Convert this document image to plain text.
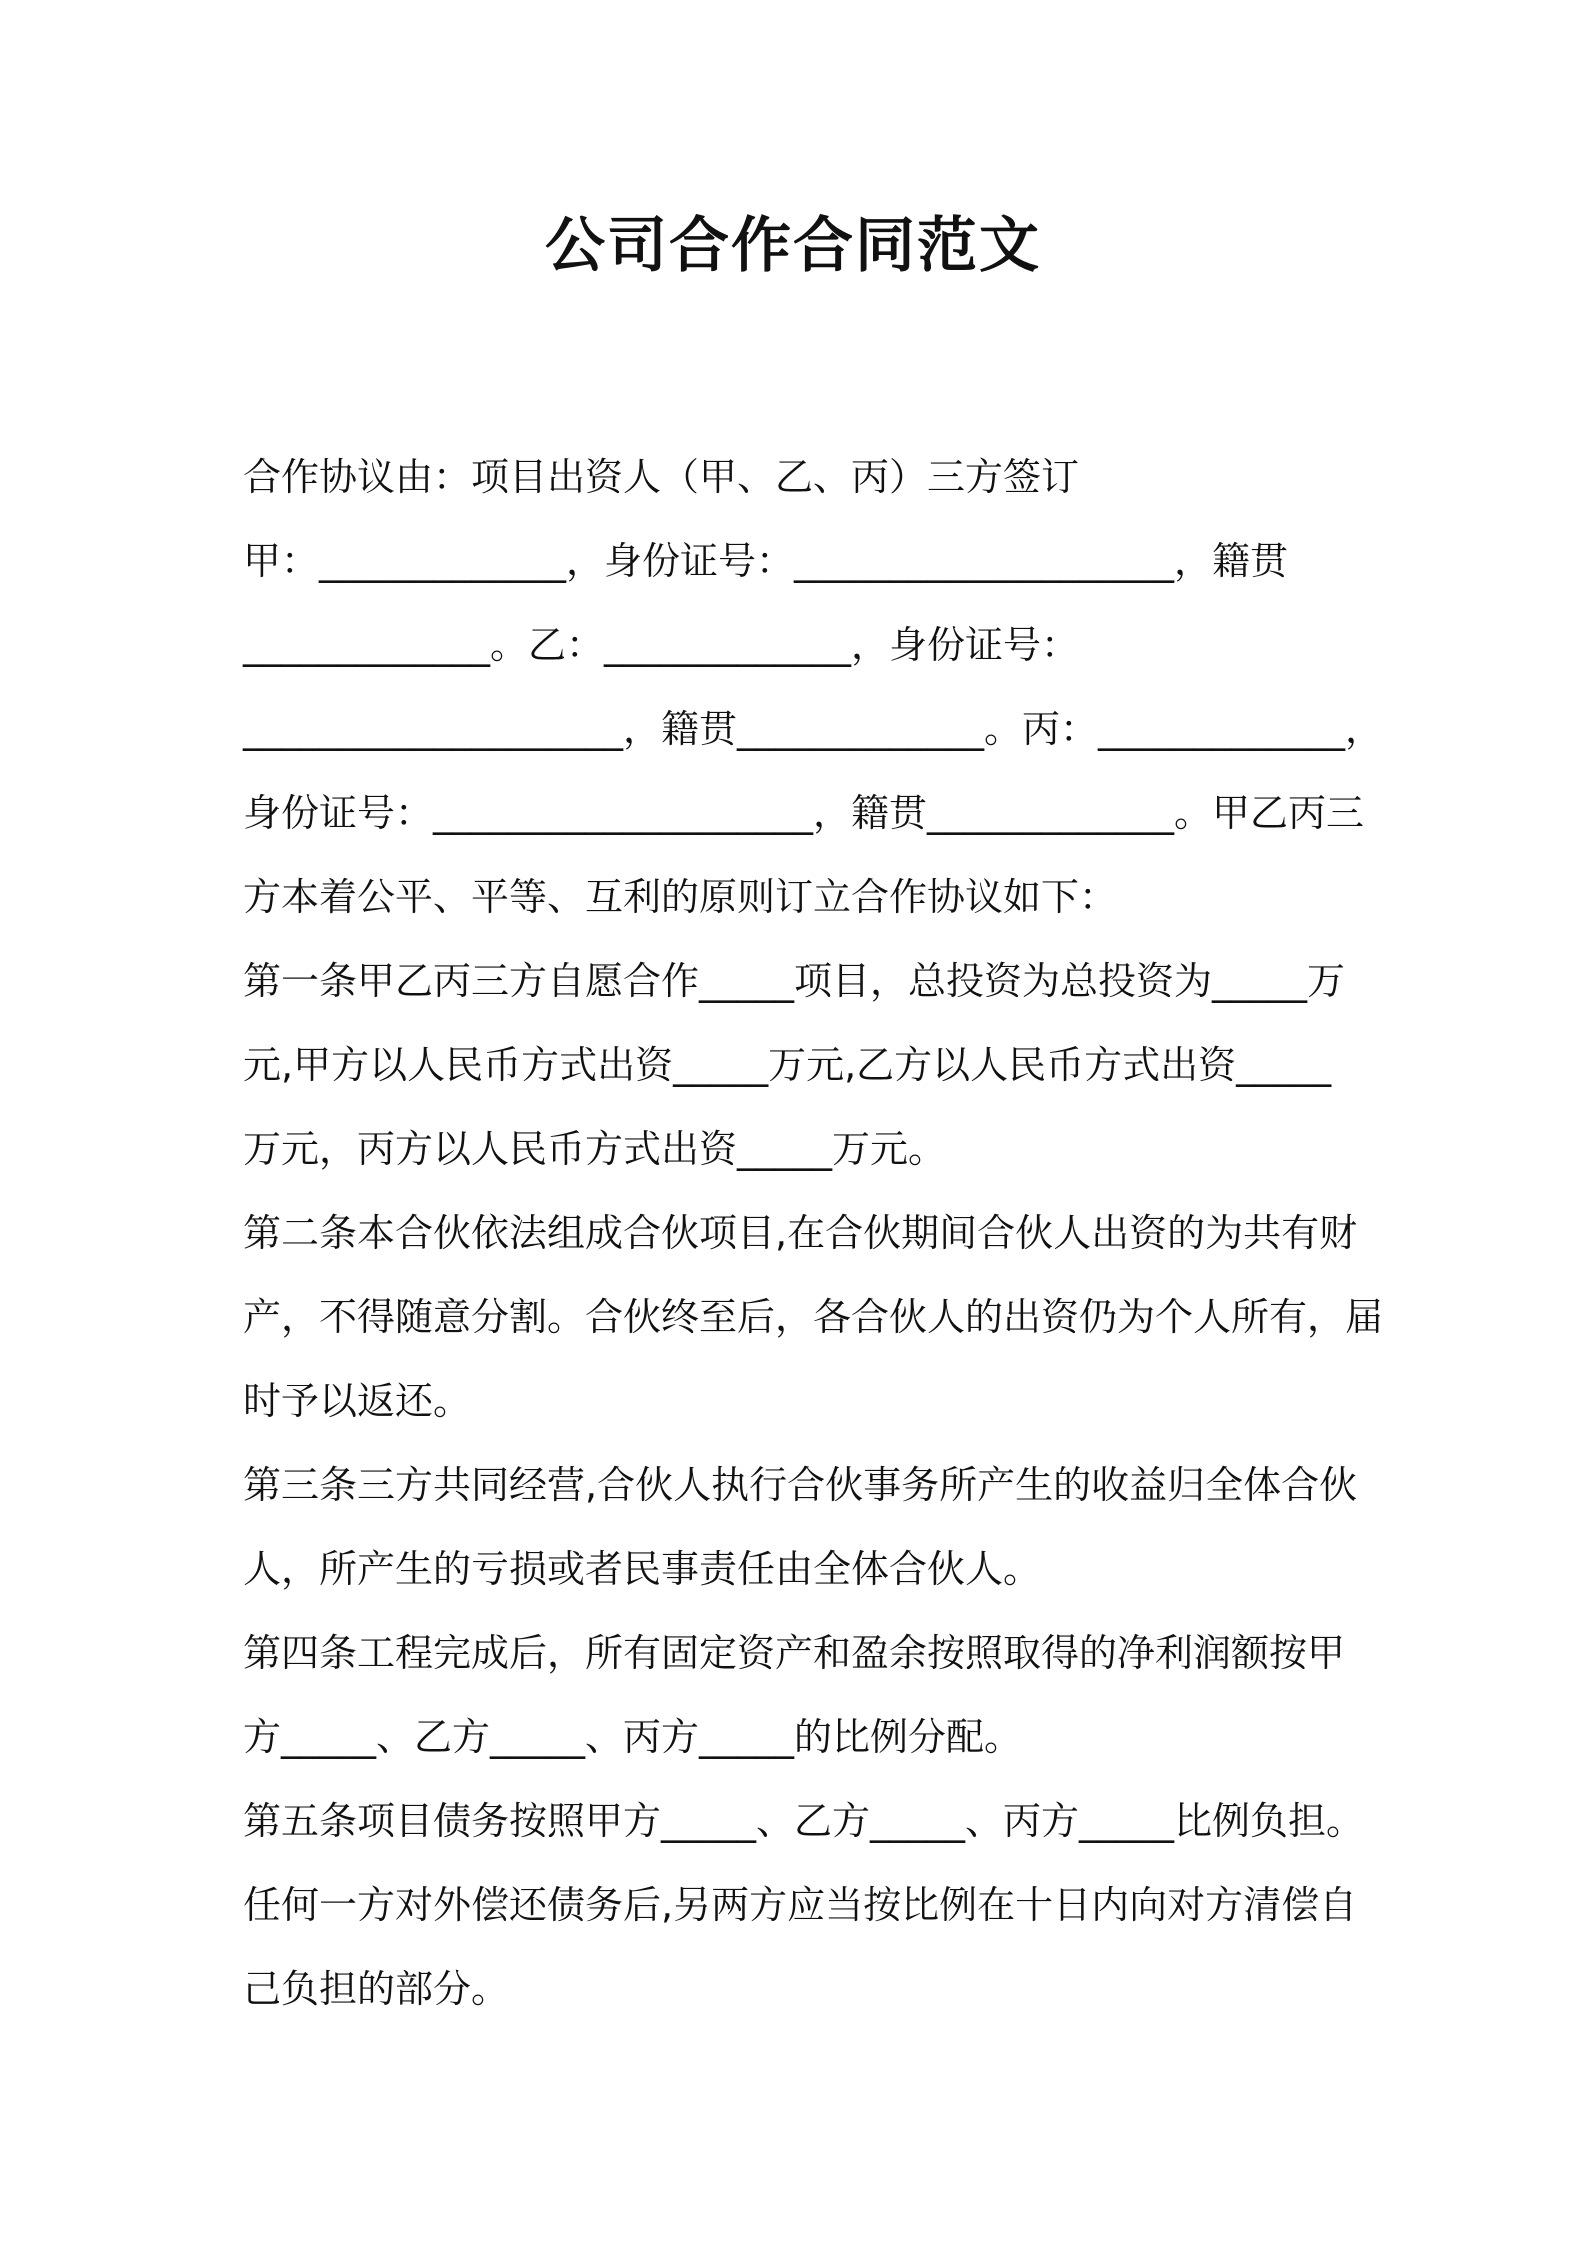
公司合作合同范文

合作协议由：项目出资人（甲、乙、丙）三方签订

甲：_____________，身份证号：____________________，籍贯

_____________。乙：_____________，身份证号：

____________________，籍贯_____________。丙：_____________，

身份证号：____________________，籍贯_____________。甲乙丙三

方本着公平、平等、互利的原则订立合作协议如下：

第一条甲乙丙三方自愿合作_____项目，总投资为总投资为_____万

元,甲方以人民币方式出资_____万元,乙方以人民币方式出资_____

万元，丙方以人民币方式出资_____万元。

第二条本合伙依法组成合伙项目,在合伙期间合伙人出资的为共有财

产，不得随意分割。合伙终至后，各合伙人的出资仍为个人所有，届

时予以返还。

第三条三方共同经营,合伙人执行合伙事务所产生的收益归全体合伙

人，所产生的亏损或者民事责任由全体合伙人。

第四条工程完成后，所有固定资产和盈余按照取得的净利润额按甲

方_____、乙方_____、丙方_____的比例分配。

第五条项目债务按照甲方_____、乙方_____、丙方_____比例负担。

任何一方对外偿还债务后,另两方应当按比例在十日内向对方清偿自

己负担的部分。
